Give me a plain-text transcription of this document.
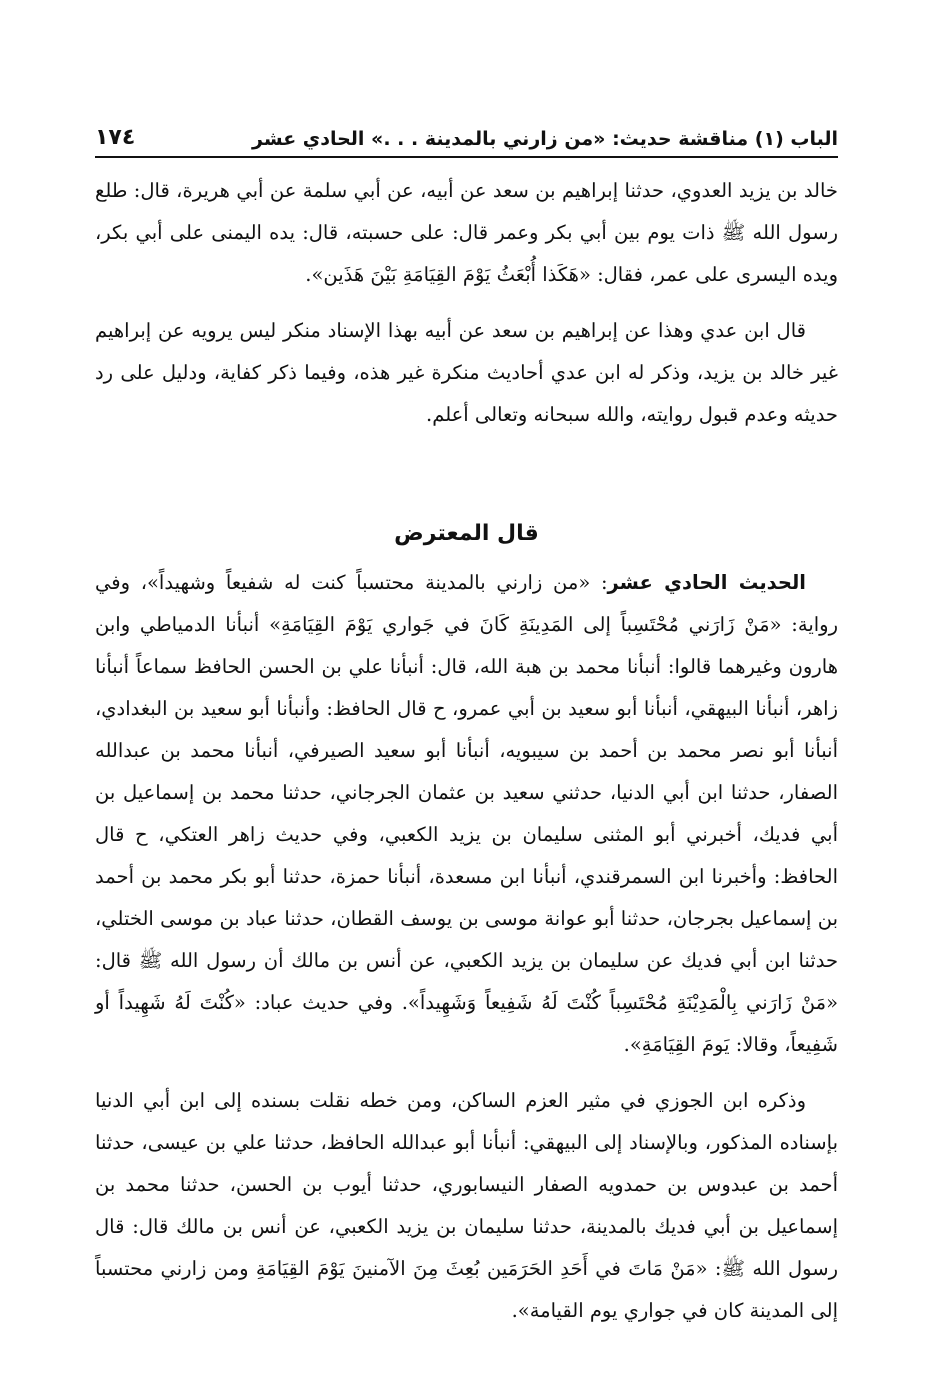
الباب (١) مناقشة حديث: «من زارني بالمدينة . . .» الحادي عشر
١٧٤

خالد بن يزيد العدوي، حدثنا إبراهيم بن سعد عن أبيه، عن أبي سلمة عن أبي هريرة، قال: طلع رسول الله ﷺ ذات يوم بين أبي بكر وعمر قال: على حسبته، قال: يده اليمنى على أبي بكر، ويده اليسرى على عمر، فقال: «هَكَذا أُبْعَثُ يَوْمَ القِيَامَةِ بَيْنَ هَذَين».

قال ابن عدي وهذا عن إبراهيم بن سعد عن أبيه بهذا الإسناد منكر ليس يرويه عن إبراهيم غير خالد بن يزيد، وذكر له ابن عدي أحاديث منكرة غير هذه، وفيما ذكر كفاية، ودليل على رد حديثه وعدم قبول روايته، والله سبحانه وتعالى أعلم.

قال المعترض

الحديث الحادي عشر: «من زارني بالمدينة محتسباً كنت له شفيعاً وشهيداً»، وفي رواية: «مَنْ زَارَني مُحْتَسِباً إلى المَدِينَةِ كَانَ في جَواري يَوْمَ القِيَامَةِ» أنبأنا الدمياطي وابن هارون وغيرهما قالوا: أنبأنا محمد بن هبة الله، قال: أنبأنا علي بن الحسن الحافظ سماعاً أنبأنا زاهر، أنبأنا البيهقي، أنبأنا أبو سعيد بن أبي عمرو، ح قال الحافظ: وأنبأنا أبو سعيد بن البغدادي، أنبأنا أبو نصر محمد بن أحمد بن سيبويه، أنبأنا أبو سعيد الصيرفي، أنبأنا محمد بن عبدالله الصفار، حدثنا ابن أبي الدنيا، حدثني سعيد بن عثمان الجرجاني، حدثنا محمد بن إسماعيل بن أبي فديك، أخبرني أبو المثنى سليمان بن يزيد الكعبي، وفي حديث زاهر العتكي، ح قال الحافظ: وأخبرنا ابن السمرقندي، أنبأنا ابن مسعدة، أنبأنا حمزة، حدثنا أبو بكر محمد بن أحمد بن إسماعيل بجرجان، حدثنا أبو عوانة موسى بن يوسف القطان، حدثنا عباد بن موسى الختلي، حدثنا ابن أبي فديك عن سليمان بن يزيد الكعبي، عن أنس بن مالك أن رسول الله ﷺ قال: «مَنْ زَارَني بِالْمَدِيْنَةِ مُحْتَسِباً كُنْتَ لَهُ شَفِيعاً وَشَهِيداً». وفي حديث عباد: «كُنْتَ لَهُ شَهِيداً أو شَفِيعاً، وقالا: يَومَ القِيَامَةِ».

وذكره ابن الجوزي في مثير العزم الساكن، ومن خطه نقلت بسنده إلى ابن أبي الدنيا بإسناده المذكور، وبالإسناد إلى البيهقي: أنبأنا أبو عبدالله الحافظ، حدثنا علي بن عيسى، حدثنا أحمد بن عبدوس بن حمدويه الصفار النيسابوري، حدثنا أيوب بن الحسن، حدثنا محمد بن إسماعيل بن أبي فديك بالمدينة، حدثنا سليمان بن يزيد الكعبي، عن أنس بن مالك قال: قال رسول الله ﷺ: «مَنْ مَاتَ في أَحَدِ الحَرَمَين بُعِثَ مِنَ الآمنينَ يَوْمَ القِيَامَةِ ومن زارني محتسباً إلى المدينة كان في جواري يوم القيامة».
